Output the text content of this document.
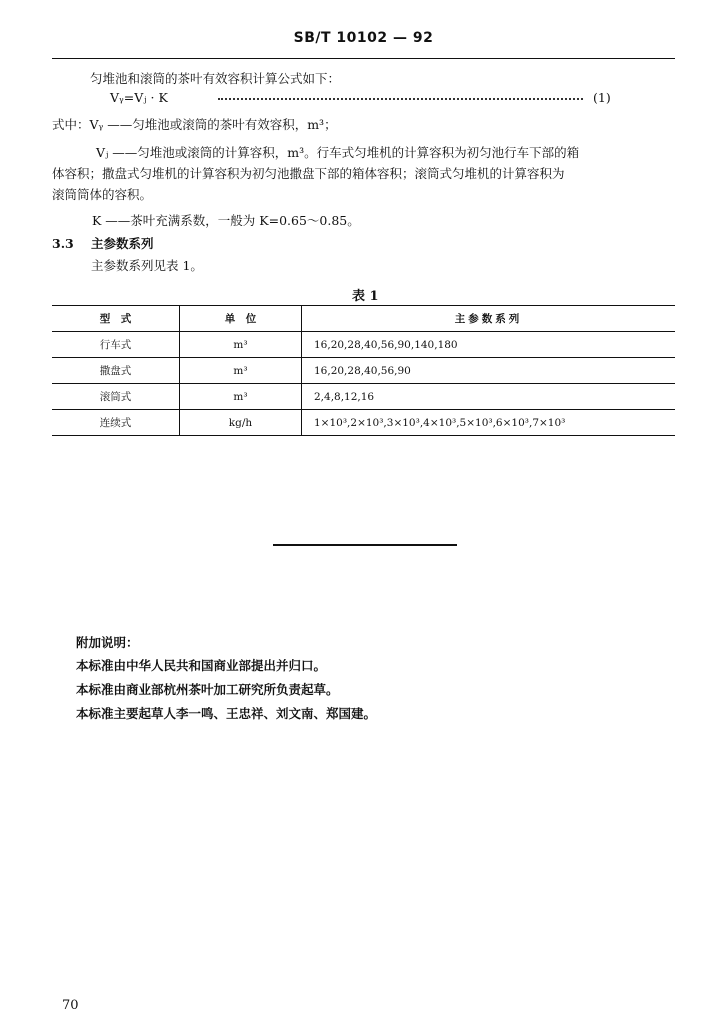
SB/T 10102 — 92
匀堆池和滚筒的茶叶有效容积计算公式如下：
Vᵧ=Vⱼ · K	(1)
式中：Vᵧ ——匀堆池或滚筒的茶叶有效容积，m³；
Vⱼ ——匀堆池或滚筒的计算容积，m³。行车式匀堆机的计算容积为初匀池行车下部的箱
体容积；撒盘式匀堆机的计算容积为初匀池撒盘下部的箱体容积；滚筒式匀堆机的计算容积为
滚筒筒体的容积。
K ——茶叶充满系数，一般为 K=0.65～0.85。
3.3 主参数系列
主参数系列见表 1。
表 1
型　式	单　位	主参数系列
行车式	m³	16,20,28,40,56,90,140,180
撒盘式	m³	16,20,28,40,56,90
滚筒式	m³	2,4,8,12,16
连续式	kg/h	1×10³,2×10³,3×10³,4×10³,5×10³,6×10³,7×10³
附加说明：
本标准由中华人民共和国商业部提出并归口。
本标准由商业部杭州茶叶加工研究所负责起草。
本标准主要起草人李一鸣、王忠祥、刘文南、郑国建。
70
